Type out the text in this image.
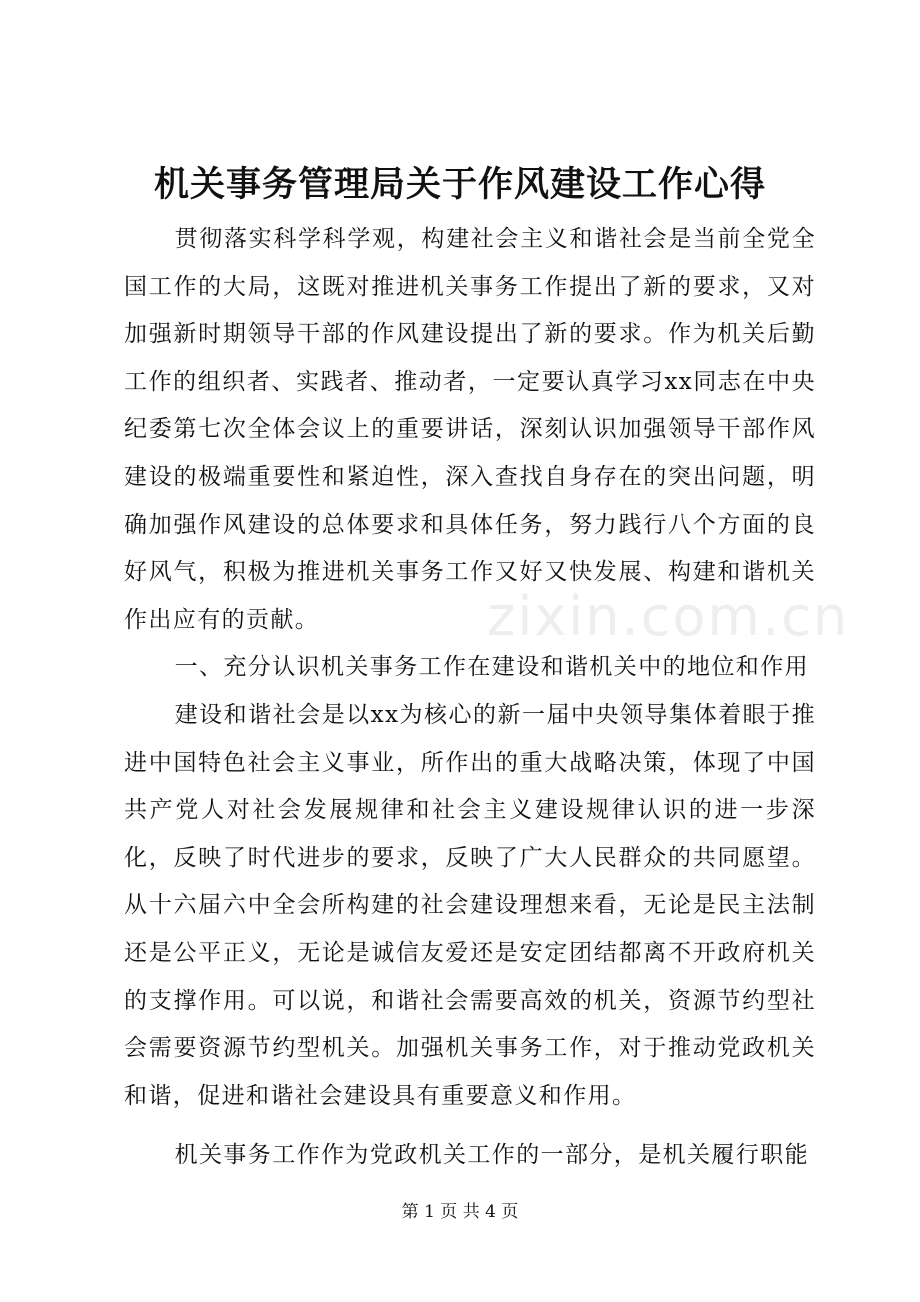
机关事务管理局关于作风建设工作心得

贯彻落实科学科学观，构建社会主义和谐社会是当前全党全国工作的大局，这既对推进机关事务工作提出了新的要求，又对加强新时期领导干部的作风建设提出了新的要求。作为机关后勤工作的组织者、实践者、推动者，一定要认真学习xx同志在中央纪委第七次全体会议上的重要讲话，深刻认识加强领导干部作风建设的极端重要性和紧迫性，深入查找自身存在的突出问题，明确加强作风建设的总体要求和具体任务，努力践行八个方面的良好风气，积极为推进机关事务工作又好又快发展、构建和谐机关作出应有的贡献。

一、充分认识机关事务工作在建设和谐机关中的地位和作用

建设和谐社会是以xx为核心的新一届中央领导集体着眼于推进中国特色社会主义事业，所作出的重大战略决策，体现了中国共产党人对社会发展规律和社会主义建设规律认识的进一步深化，反映了时代进步的要求，反映了广大人民群众的共同愿望。从十六届六中全会所构建的社会建设理想来看，无论是民主法制还是公平正义，无论是诚信友爱还是安定团结都离不开政府机关的支撑作用。可以说，和谐社会需要高效的机关，资源节约型社会需要资源节约型机关。加强机关事务工作，对于推动党政机关和谐，促进和谐社会建设具有重要意义和作用。

机关事务工作作为党政机关工作的一部分，是机关履行职能

zixin.com.cn
第 1 页 共 4 页
